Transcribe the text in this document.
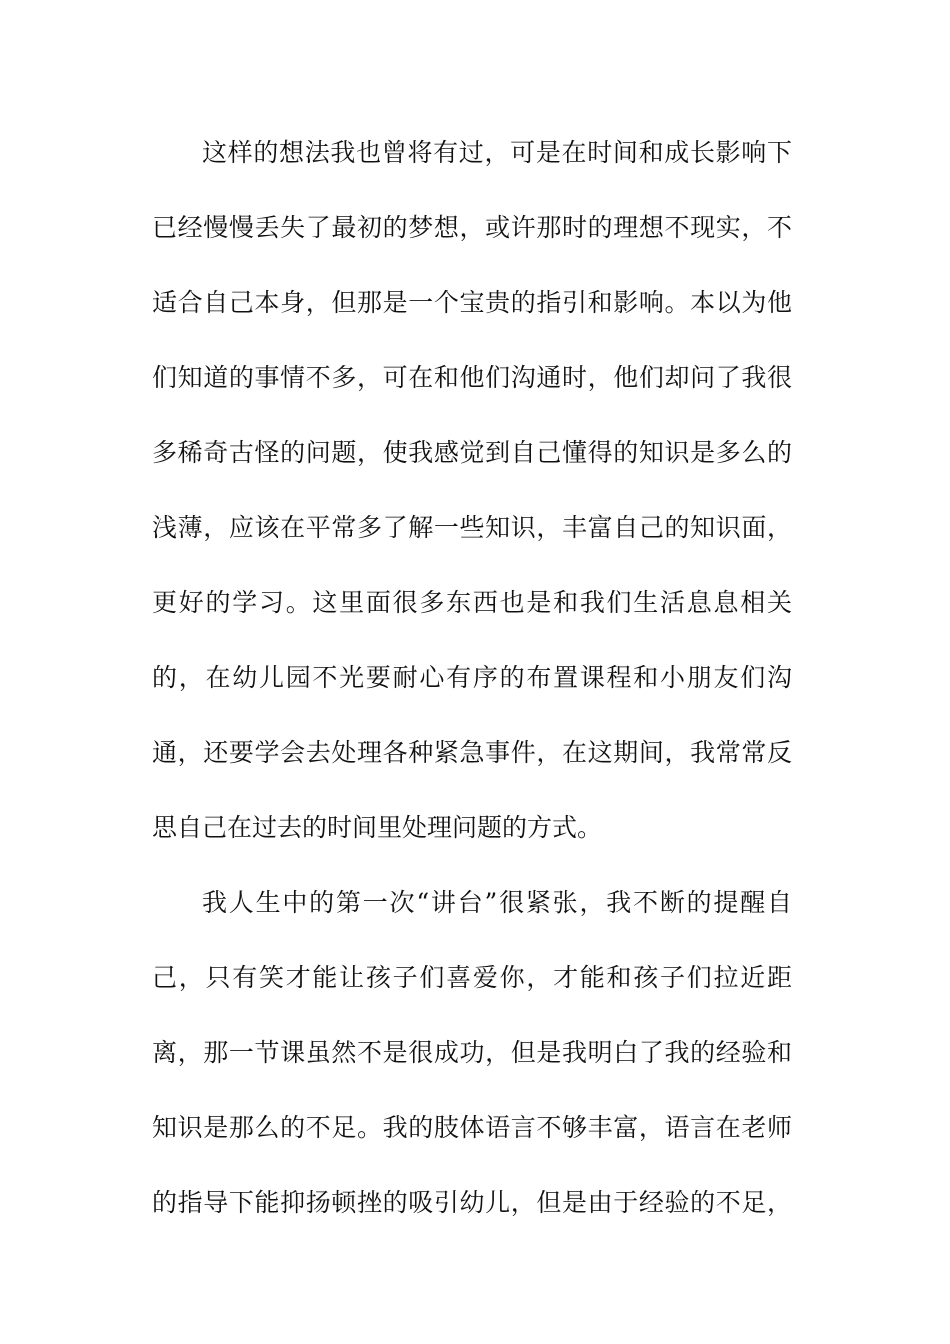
这样的想法我也曾将有过，可是在时间和成长影响下
已经慢慢丢失了最初的梦想，或许那时的理想不现实，不
适合自己本身，但那是一个宝贵的指引和影响。本以为他
们知道的事情不多，可在和他们沟通时，他们却问了我很
多稀奇古怪的问题，使我感觉到自己懂得的知识是多么的
浅薄，应该在平常多了解一些知识，丰富自己的知识面，
更好的学习。这里面很多东西也是和我们生活息息相关
的，在幼儿园不光要耐心有序的布置课程和小朋友们沟
通，还要学会去处理各种紧急事件，在这期间，我常常反
思自己在过去的时间里处理问题的方式。
我人生中的第一次“讲台”很紧张，我不断的提醒自
己，只有笑才能让孩子们喜爱你，才能和孩子们拉近距
离，那一节课虽然不是很成功，但是我明白了我的经验和
知识是那么的不足。我的肢体语言不够丰富，语言在老师
的指导下能抑扬顿挫的吸引幼儿，但是由于经验的不足，
